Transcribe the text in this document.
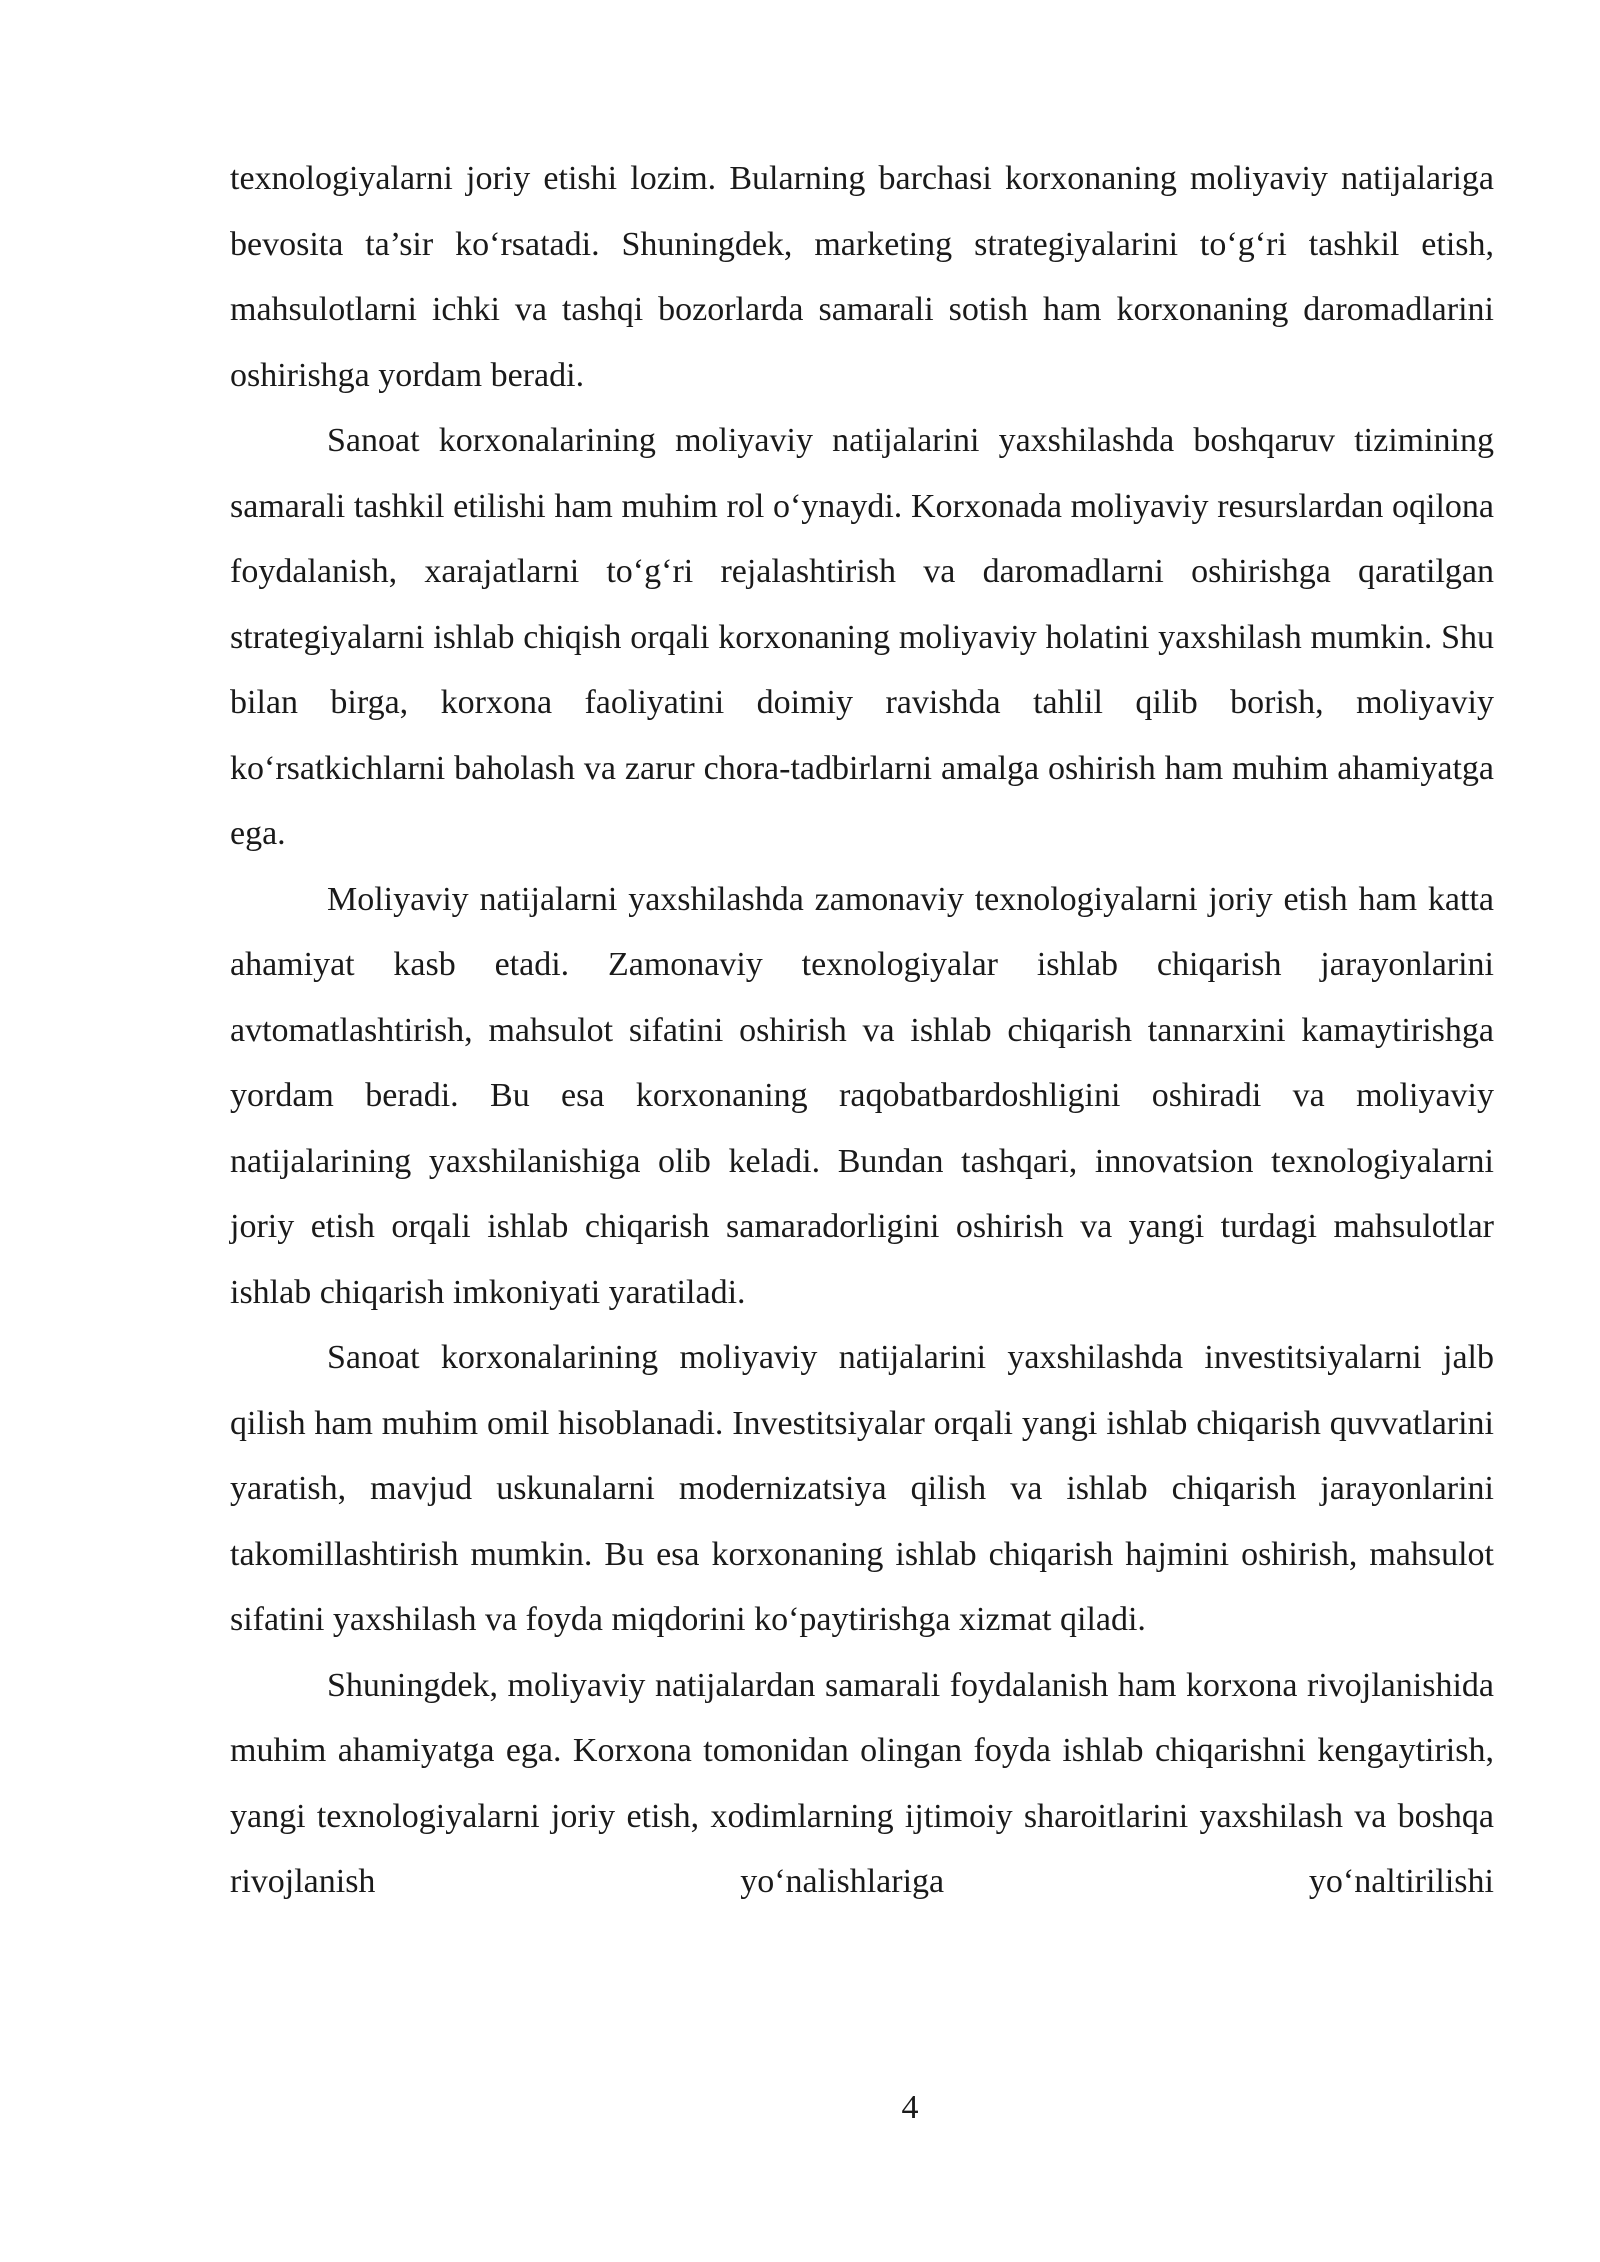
texnologiyalarni joriy etishi lozim. Bularning barchasi korxonaning moliyaviy natijalariga bevosita ta’sir ko‘rsatadi. Shuningdek, marketing strategiyalarini to‘g‘ri tashkil etish, mahsulotlarni ichki va tashqi bozorlarda samarali sotish ham korxonaning daromadlarini oshirishga yordam beradi.

Sanoat korxonalarining moliyaviy natijalarini yaxshilashda boshqaruv tizimining samarali tashkil etilishi ham muhim rol o‘ynaydi. Korxonada moliyaviy resurslardan oqilona foydalanish, xarajatlarni to‘g‘ri rejalashtirish va daromadlarni oshirishga qaratilgan strategiyalarni ishlab chiqish orqali korxonaning moliyaviy holatini yaxshilash mumkin. Shu bilan birga, korxona faoliyatini doimiy ravishda tahlil qilib borish, moliyaviy ko‘rsatkichlarni baholash va zarur chora-tadbirlarni amalga oshirish ham muhim ahamiyatga ega.

Moliyaviy natijalarni yaxshilashda zamonaviy texnologiyalarni joriy etish ham katta ahamiyat kasb etadi. Zamonaviy texnologiyalar ishlab chiqarish jarayonlarini avtomatlashtirish, mahsulot sifatini oshirish va ishlab chiqarish tannarxini kamaytirishga yordam beradi. Bu esa korxonaning raqobatbardoshligini oshiradi va moliyaviy natijalarining yaxshilanishiga olib keladi. Bundan tashqari, innovatsion texnologiyalarni joriy etish orqali ishlab chiqarish samaradorligini oshirish va yangi turdagi mahsulotlar ishlab chiqarish imkoniyati yaratiladi.

Sanoat korxonalarining moliyaviy natijalarini yaxshilashda investitsiyalarni jalb qilish ham muhim omil hisoblanadi. Investitsiyalar orqali yangi ishlab chiqarish quvvatlarini yaratish, mavjud uskunalarni modernizatsiya qilish va ishlab chiqarish jarayonlarini takomillashtirish mumkin. Bu esa korxonaning ishlab chiqarish hajmini oshirish, mahsulot sifatini yaxshilash va foyda miqdorini ko‘paytirishga xizmat qiladi.

Shuningdek, moliyaviy natijalardan samarali foydalanish ham korxona rivojlanishida muhim ahamiyatga ega. Korxona tomonidan olingan foyda ishlab chiqarishni kengaytirish, yangi texnologiyalarni joriy etish, xodimlarning ijtimoiy sharoitlarini yaxshilash va boshqa rivojlanish yo‘nalishlariga yo‘naltirilishi

4
